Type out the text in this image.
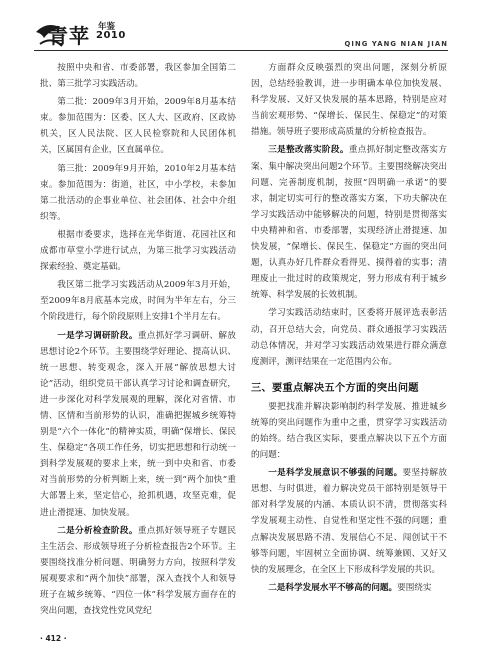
青苹 年鉴
2010
QING YANG NIAN JIAN

按照中央和省、市委部署，我区参加全国第二批、第三批学习实践活动。

第二批：2009年3月开始，2009年8月基本结束。参加范围为：区委、区人大、区政府、区政协机关，区人民法院、区人民检察院和人民团体机关，区属国有企业，区直属单位。

第三批：2009年9月开始，2010年2月基本结束。参加范围为：街道，社区，中小学校，未参加第二批活动的企事业单位、社会团体、社会中介组织等。

根据市委要求，选择在光华街道、花园社区和成都市草堂小学进行试点，为第三批学习实践活动探索经验、奠定基础。

我区第二批学习实践活动从2009年3月开始，至2009年8月底基本完成，时间为半年左右，分三个阶段进行，每个阶段原则上安排1个半月左右。

一是学习调研阶段。重点抓好学习调研、解放思想讨论2个环节。主要围绕学好理论、提高认识、统一思想、转变观念，深入开展“解放思想大讨论”活动，组织党员干部认真学习讨论和调查研究，进一步深化对科学发展观的理解，深化对省情、市情、区情和当前形势的认识，准确把握城乡统筹特别是“六个一体化”的精神实质，明确“保增长、保民生、保稳定”各项工作任务，切实把思想和行动统一到科学发展观的要求上来，统一到中央和省、市委对当前形势的分析判断上来，统一到“两个加快”重大部署上来，坚定信心，抢抓机遇，攻坚克难，促进止滑提速、加快发展。

二是分析检查阶段。重点抓好领导班子专题民主生活会、形成领导班子分析检查报告2个环节。主要围绕找准分析问题、明确努力方向，按照科学发展观要求和“两个加快”部署，深入查找个人和领导班子在城乡统筹、“四位一体”科学发展方面存在的突出问题，查找党性党风党纪

方面群众反映强烈的突出问题，深刻分析原因，总结经验教训，进一步明确本单位加快发展、科学发展、又好又快发展的基本思路，特别是应对当前宏观形势、“保增长、保民生、保稳定”的对策措施。领导班子要形成高质量的分析检查报告。

三是整改落实阶段。重点抓好制定整改落实方案、集中解决突出问题2个环节。主要围绕解决突出问题、完善制度机制，按照“四明确一承诺”的要求，制定切实可行的整改落实方案，下功夫解决在学习实践活动中能够解决的问题，特别是贯彻落实中央精神和省、市委部署，实现经济止滑提速、加快发展，“保增长、保民生、保稳定”方面的突出问题，认真办好几件群众看得见、摸得着的实事；清理废止一批过时的政策规定，努力形成有利于城乡统筹、科学发展的长效机制。

学习实践活动结束时，区委将开展评选表彰活动，召开总结大会，向党员、群众通报学习实践活动总体情况，并对学习实践活动效果进行群众满意度测评，测评结果在一定范围内公布。

三、要重点解决五个方面的突出问题

要把找准并解决影响制约科学发展、推进城乡统筹的突出问题作为重中之重，贯穿学习实践活动的始终。结合我区实际，要重点解决以下五个方面的问题：

一是科学发展意识不够强的问题。要坚持解放思想、与时俱进，着力解决党员干部特别是领导干部对科学发展的内涵、本质认识不清，贯彻落实科学发展观主动性、自觉性和坚定性不强的问题；重点解决发展思路不清、发展信心不足、闯创试干不够等问题，牢固树立全面协调、统筹兼顾、又好又快的发展理念，在全区上下形成科学发展的共识。

二是科学发展水平不够高的问题。要围绕实

· 412 ·
